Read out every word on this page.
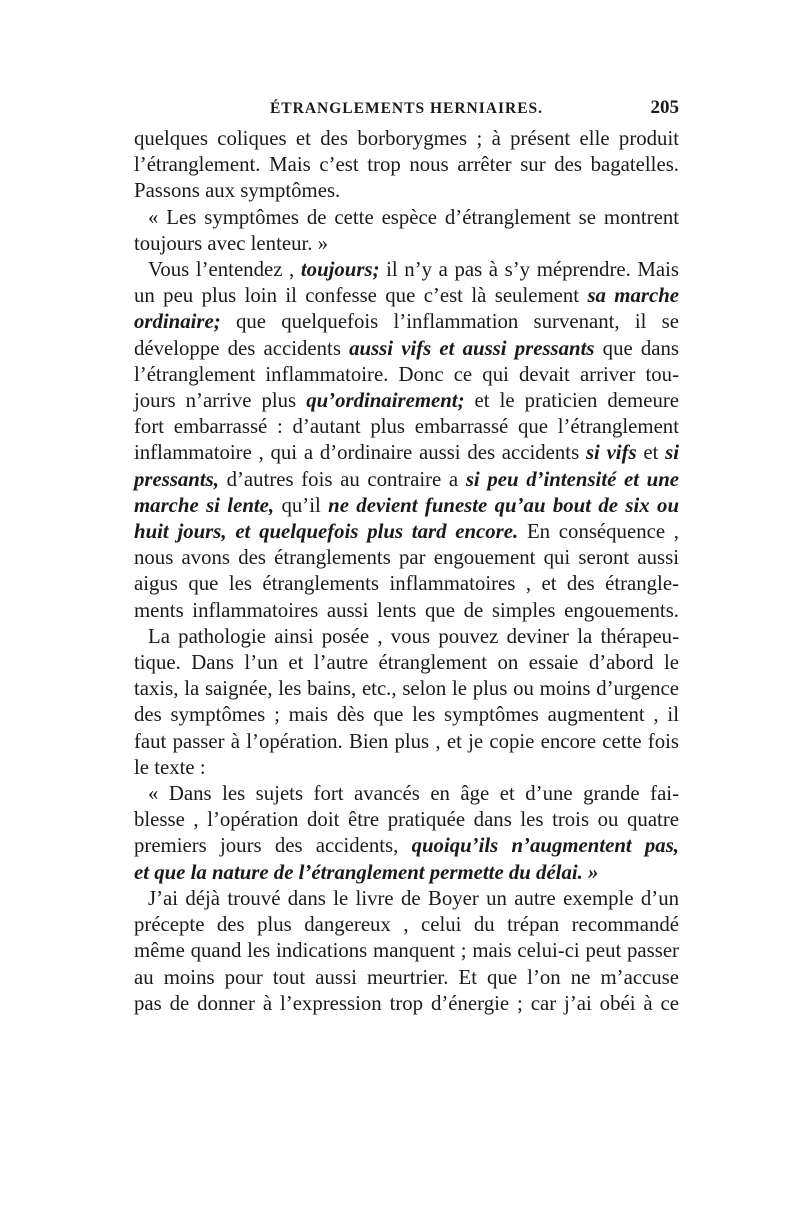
ÉTRANGLEMENTS HERNIAIRES.	205
quelques coliques et des borborygmes ; à présent elle produit
l’étranglement. Mais c’est trop nous arrêter sur des bagatelles.
Passons aux symptômes.
« Les symptômes de cette espèce d’étranglement se montrent
toujours avec lenteur. »
Vous l’entendez , toujours; il n’y a pas à s’y méprendre. Mais
un peu plus loin il confesse que c’est là seulement sa marche
ordinaire; que quelquefois l’inflammation survenant, il se
développe des accidents aussi vifs et aussi pressants que dans
l’étranglement inflammatoire. Donc ce qui devait arriver tou-
jours n’arrive plus qu’ordinairement; et le praticien demeure
fort embarrassé : d’autant plus embarrassé que l’étranglement
inflammatoire , qui a d’ordinaire aussi des accidents si vifs et si
pressants, d’autres fois au contraire a si peu d’intensité et une
marche si lente, qu’il ne devient funeste qu’au bout de six ou
huit jours, et quelquefois plus tard encore. En conséquence ,
nous avons des étranglements par engouement qui seront aussi
aigus que les étranglements inflammatoires , et des étrangle-
ments inflammatoires aussi lents que de simples engouements.
La pathologie ainsi posée , vous pouvez deviner la thérapeu-
tique. Dans l’un et l’autre étranglement on essaie d’abord le
taxis, la saignée, les bains, etc., selon le plus ou moins d’urgence
des symptômes ; mais dès que les symptômes augmentent , il
faut passer à l’opération. Bien plus , et je copie encore cette fois
le texte :
« Dans les sujets fort avancés en âge et d’une grande fai-
blesse , l’opération doit être pratiquée dans les trois ou quatre
premiers jours des accidents, quoiqu’ils n’augmentent pas,
et que la nature de l’étranglement permette du délai. »
J’ai déjà trouvé dans le livre de Boyer un autre exemple d’un
précepte des plus dangereux , celui du trépan recommandé
même quand les indications manquent ; mais celui-ci peut passer
au moins pour tout aussi meurtrier. Et que l’on ne m’accuse
pas de donner à l’expression trop d’énergie ; car j’ai obéi à ce
